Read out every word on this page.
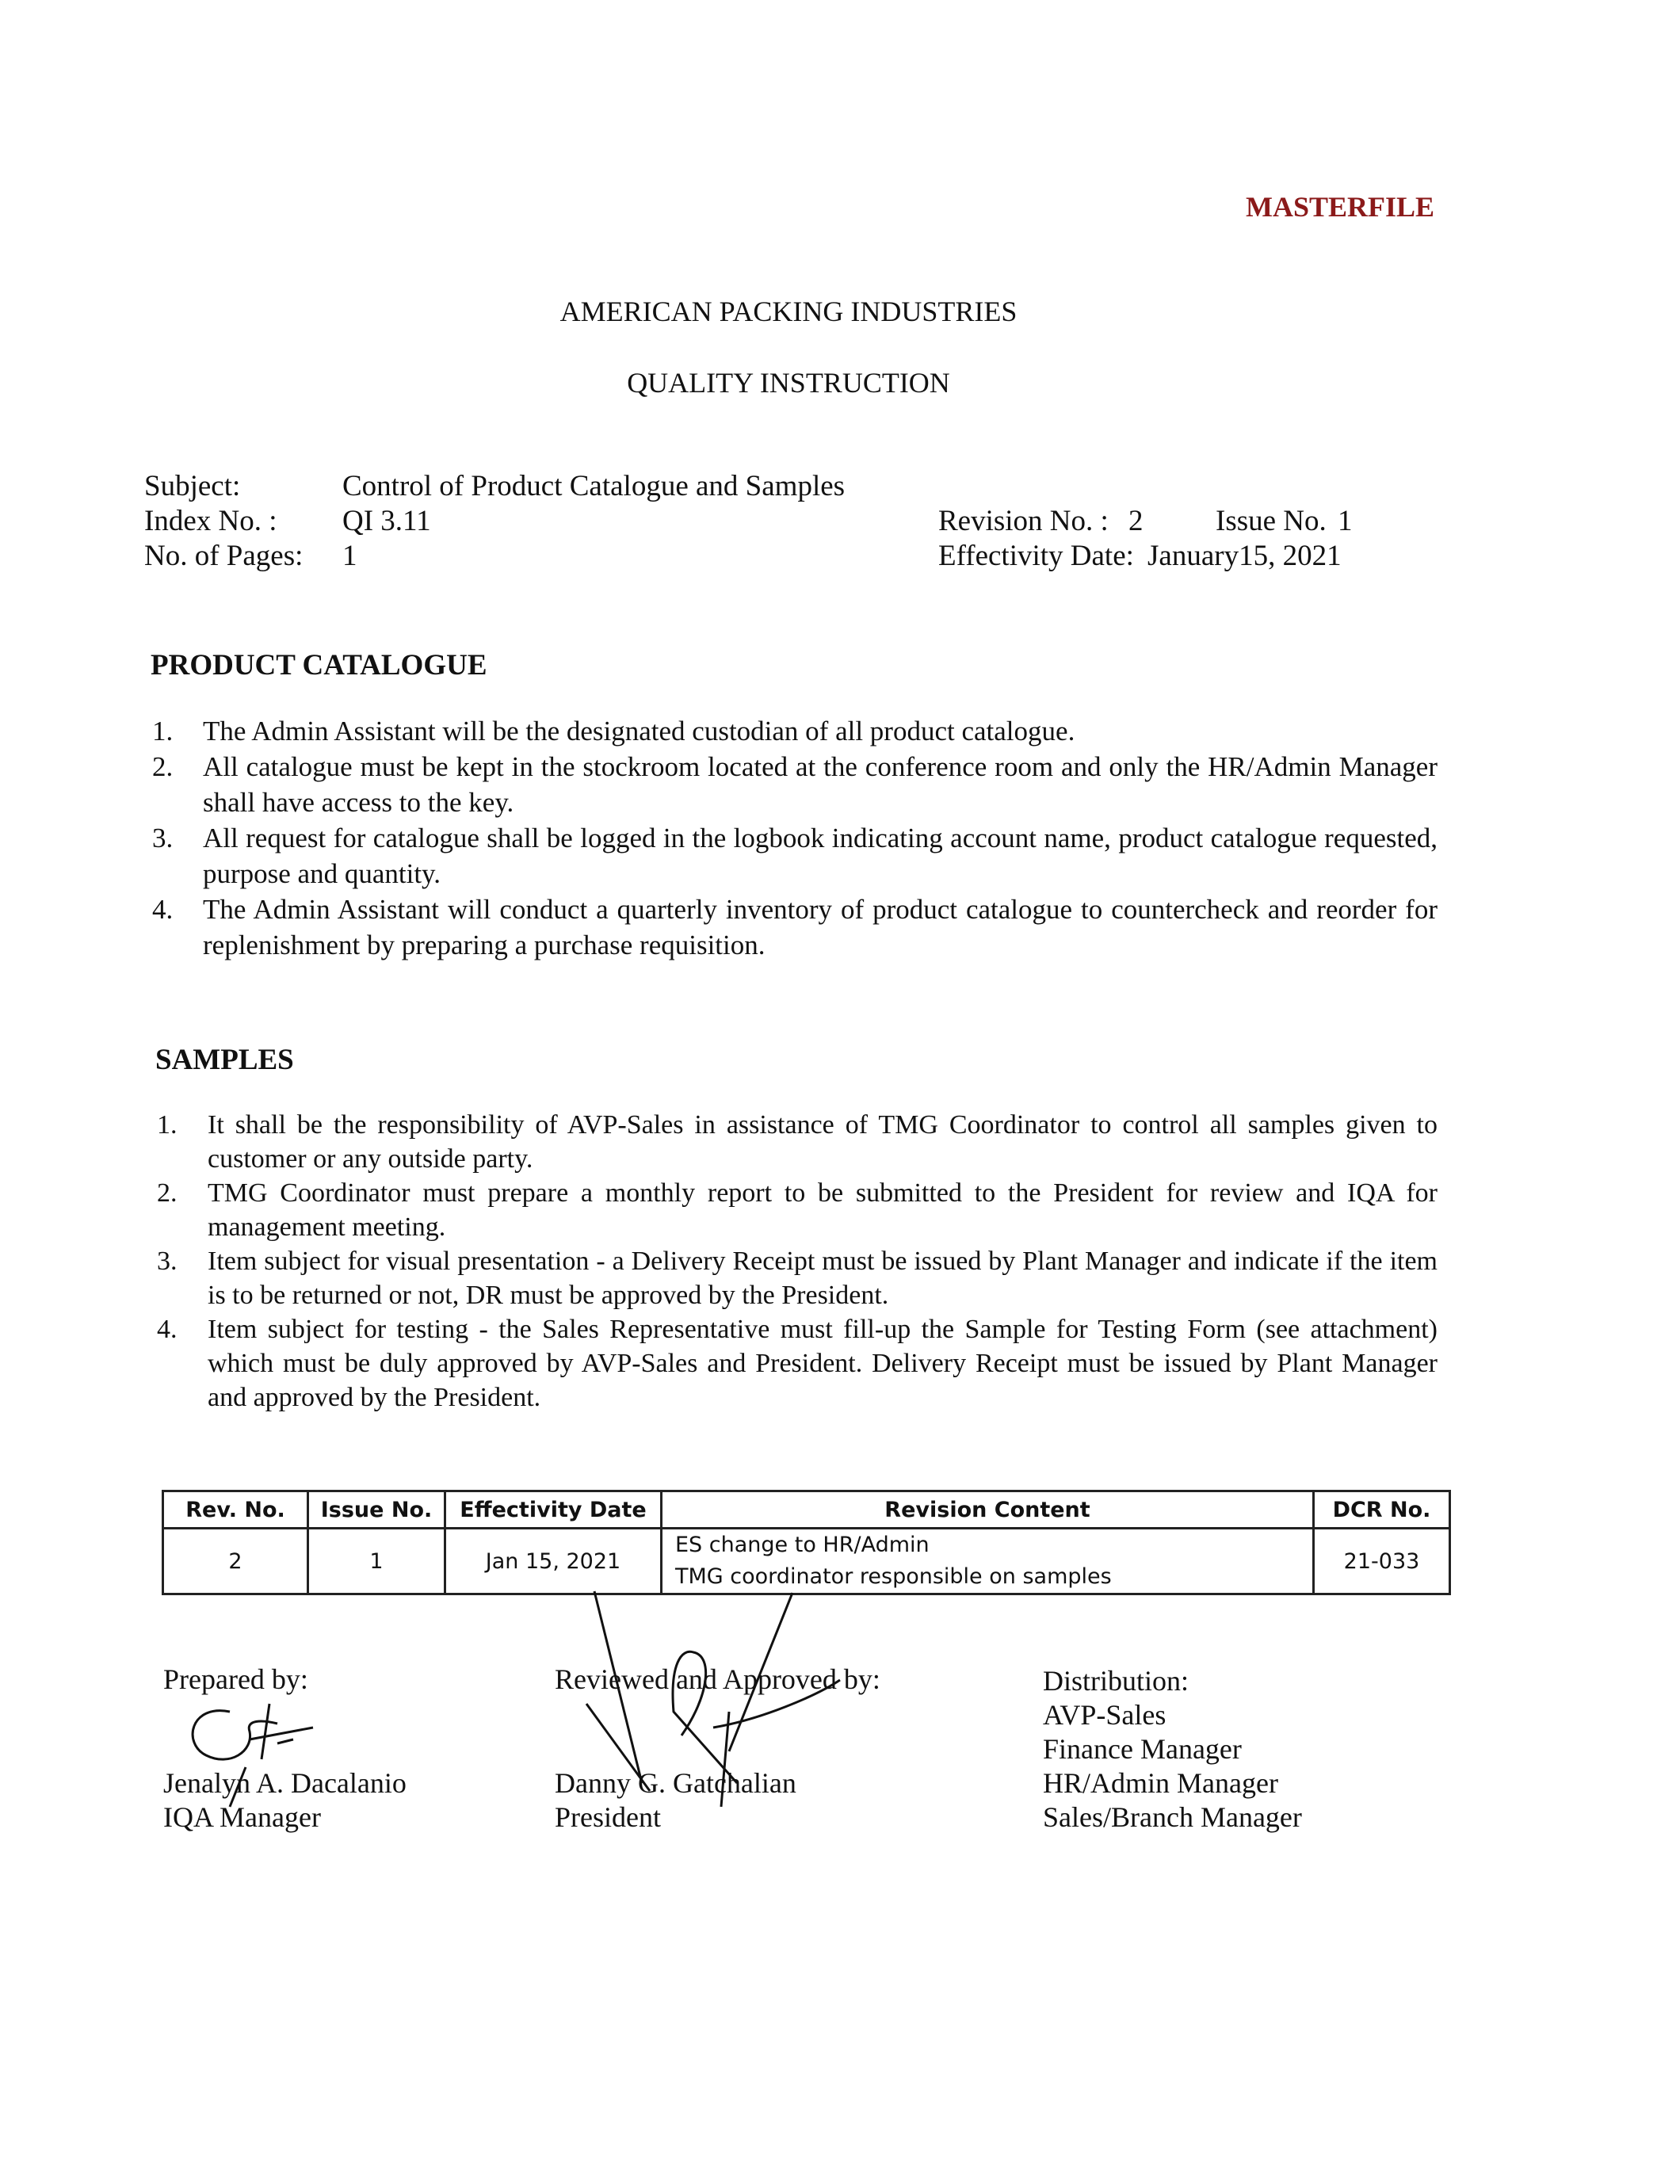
MASTERFILE
AMERICAN PACKING INDUSTRIES
QUALITY INSTRUCTION
Subject:	Control of Product Catalogue and Samples
Index No. : QI 3.11
No. of Pages: 1
Revision No. : 2 Issue No. 1
Effectivity Date: January15, 2021
PRODUCT CATALOGUE
1.	The Admin Assistant will be the designated custodian of all product catalogue.
2.	All catalogue must be kept in the stockroom located at the conference room and only the HR/Admin Manager shall have access to the key.
3.	All request for catalogue shall be logged in the logbook indicating account name, product catalogue requested, purpose and quantity.
4.	The Admin Assistant will conduct a quarterly inventory of product catalogue to countercheck and reorder for replenishment by preparing a purchase requisition.
SAMPLES
1.	It shall be the responsibility of AVP-Sales in assistance of TMG Coordinator to control all samples given to customer or any outside party.
2.	TMG Coordinator must prepare a monthly report to be submitted to the President for review and IQA for management meeting.
3.	Item subject for visual presentation - a Delivery Receipt must be issued by Plant Manager and indicate if the item is to be returned or not, DR must be approved by the President.
4.	Item subject for testing - the Sales Representative must fill-up the Sample for Testing Form (see attachment) which must be duly approved by AVP-Sales and President. Delivery Receipt must be issued by Plant Manager and approved by the President.
Rev. No.	Issue No.	Effectivity Date	Revision Content	DCR No.
2	1	Jan 15, 2021	ES change to HR/Admin
TMG coordinator responsible on samples	21-033
Prepared by:
Jenalyn A. Dacalanio
IQA Manager
Reviewed and Approved by:
Danny G. Gatchalian
President
Distribution:
AVP-Sales
Finance Manager
HR/Admin Manager
Sales/Branch Manager
